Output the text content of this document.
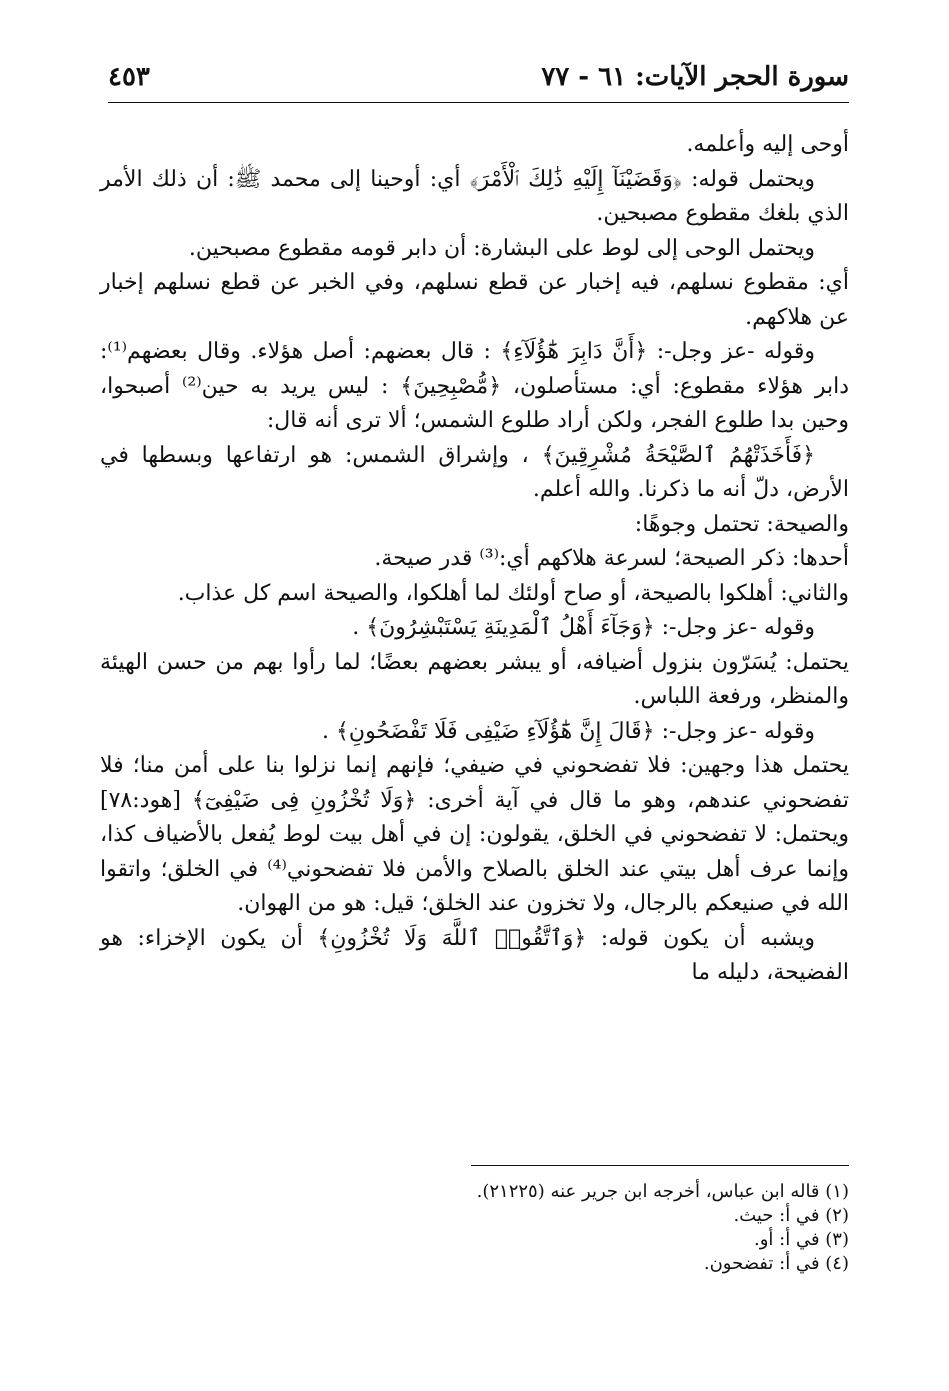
سورة الحجر الآيات: ٦١ - ٧٧
٤٥٣

أوحى إليه وأعلمه.

ويحتمل قوله: ﴿وَقَضَيْنَآ إِلَيْهِ ذَٰلِكَ ٱلْأَمْرَ﴾ أي: أوحينا إلى محمد ﷺ: أن ذلك الأمر الذي بلغك مقطوع مصبحين.

ويحتمل الوحى إلى لوط على البشارة: أن دابر قومه مقطوع مصبحين.

أي: مقطوع نسلهم، فيه إخبار عن قطع نسلهم، وفي الخبر عن قطع نسلهم إخبار عن هلاكهم.

وقوله -عز وجل-: ﴿أَنَّ دَابِرَ هَٰٓؤُلَآءِ﴾ : قال بعضهم: أصل هؤلاء. وقال بعضهم⁽¹⁾: دابر هؤلاء مقطوع: أي: مستأصلون، ﴿مُّصْبِحِينَ﴾ : ليس يريد به حين⁽²⁾ أصبحوا، وحين بدا طلوع الفجر، ولكن أراد طلوع الشمس؛ ألا ترى أنه قال:

﴿فَأَخَذَتْهُمُ ٱلصَّيْحَةُ مُشْرِقِينَ﴾ ، وإشراق الشمس: هو ارتفاعها وبسطها في الأرض، دلّ أنه ما ذكرنا. والله أعلم.

والصيحة: تحتمل وجوهًا:

أحدها: ذكر الصيحة؛ لسرعة هلاكهم أي:⁽³⁾ قدر صيحة.

والثاني: أهلكوا بالصيحة، أو صاح أولئك لما أهلكوا، والصيحة اسم كل عذاب.

وقوله -عز وجل-: ﴿وَجَآءَ أَهْلُ ٱلْمَدِينَةِ يَسْتَبْشِرُونَ﴾ .

يحتمل: يُسَرّون بنزول أضيافه، أو يبشر بعضهم بعضًا؛ لما رأوا بهم من حسن الهيئة والمنظر، ورفعة اللباس.

وقوله -عز وجل-: ﴿قَالَ إِنَّ هَٰٓؤُلَآءِ ضَيْفِى فَلَا تَفْضَحُونِ﴾ .

يحتمل هذا وجهين: فلا تفضحوني في ضيفي؛ فإنهم إنما نزلوا بنا على أمن منا؛ فلا تفضحوني عندهم، وهو ما قال في آية أخرى: ﴿وَلَا تُخْزُونِ فِى ضَيْفِىٓ﴾ [هود:٧٨] ويحتمل: لا تفضحوني في الخلق، يقولون: إن في أهل بيت لوط يُفعل بالأضياف كذا، وإنما عرف أهل بيتي عند الخلق بالصلاح والأمن فلا تفضحوني⁽⁴⁾ في الخلق؛ واتقوا الله في صنيعكم بالرجال، ولا تخزون عند الخلق؛ قيل: هو من الهوان.

ويشبه أن يكون قوله: ﴿وَٱتَّقُوا۟ ٱللَّهَ وَلَا تُخْزُونِ﴾ أن يكون الإخزاء: هو الفضيحة، دليله ما

(١) قاله ابن عباس، أخرجه ابن جرير عنه (٢١٢٢٥).

(٢) في أ: حيث.

(٣) في أ: أو.

(٤) في أ: تفضحون.
